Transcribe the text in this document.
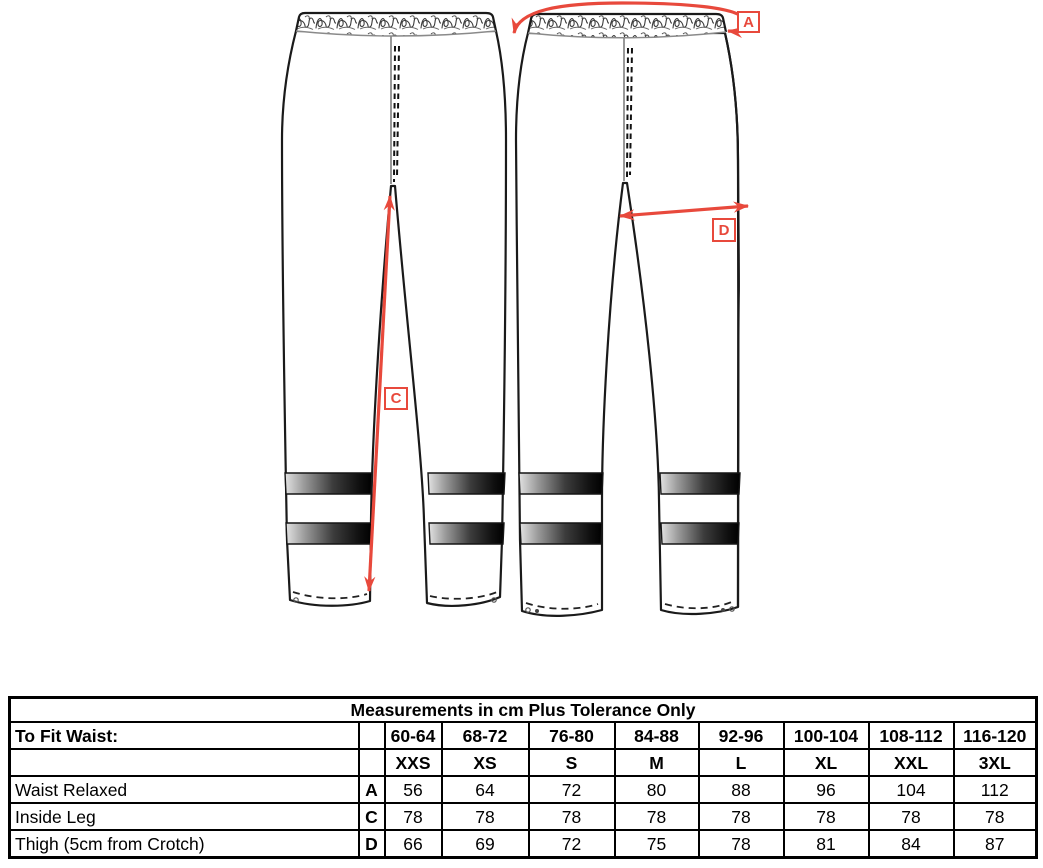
A
C
D
Measurements in cm Plus Tolerance Only									
To Fit Waist:		60-64	68-72	76-80	84-88	92-96	100-104	108-112	116-120
		XXS	XS	S	M	L	XL	XXL	3XL
Waist Relaxed	A	56	64	72	80	88	96	104	112
Inside Leg	C	78	78	78	78	78	78	78	78
Thigh (5cm from Crotch)	D	66	69	72	75	78	81	84	87
